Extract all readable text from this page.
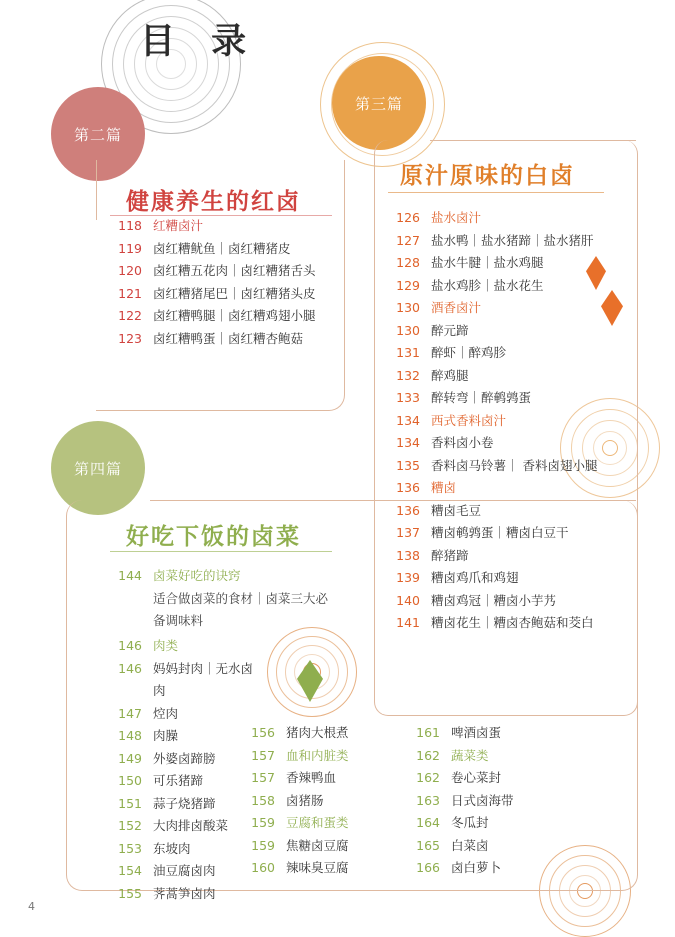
目 录
第二篇
第三篇
第四篇
健康养生的红卤
118 红糟卤汁
119 卤红糟鱿鱼｜卤红糟猪皮
120 卤红糟五花肉｜卤红糟猪舌头
121 卤红糟猪尾巴｜卤红糟猪头皮
122 卤红糟鸭腿｜卤红糟鸡翅小腿
123 卤红糟鸭蛋｜卤红糟杏鲍菇
原汁原味的白卤
126 盐水卤汁
127 盐水鸭｜盐水猪蹄｜盐水猪肝
128 盐水牛腱｜盐水鸡腿
129 盐水鸡胗｜盐水花生
130 酒香卤汁
130 醉元蹄
131 醉虾｜醉鸡胗
132 醉鸡腿
133 醉转弯｜醉鹌鹑蛋
134 西式香料卤汁
134 香料卤小卷
135 香料卤马铃薯｜ 香料卤翅小腿
136 糟卤
136 糟卤毛豆
137 糟卤鹌鹑蛋｜糟卤白豆干
138 醉猪蹄
139 糟卤鸡爪和鸡翅
140 糟卤鸡冠｜糟卤小芋艿
141 糟卤花生｜糟卤杏鲍菇和茭白
好吃下饭的卤菜
144 卤菜好吃的诀窍
适合做卤菜的食材｜卤菜三大必备调味料
146 肉类
146 妈妈封肉｜无水卤肉
147 焢肉
148 肉臊
149 外婆卤蹄膀
150 可乐猪蹄
151 蒜子烧猪蹄
152 大肉排卤酸菜
153 东坡肉
154 油豆腐卤肉
155 荠蒿笋卤肉
156 猪肉大根煮
157 血和内脏类
157 香辣鸭血
158 卤猪肠
159 豆腐和蛋类
159 焦糖卤豆腐
160 辣味臭豆腐
161 啤酒卤蛋
162 蔬菜类
162 卷心菜封
163 日式卤海带
164 冬瓜封
165 白菜卤
166 卤白萝卜
4
